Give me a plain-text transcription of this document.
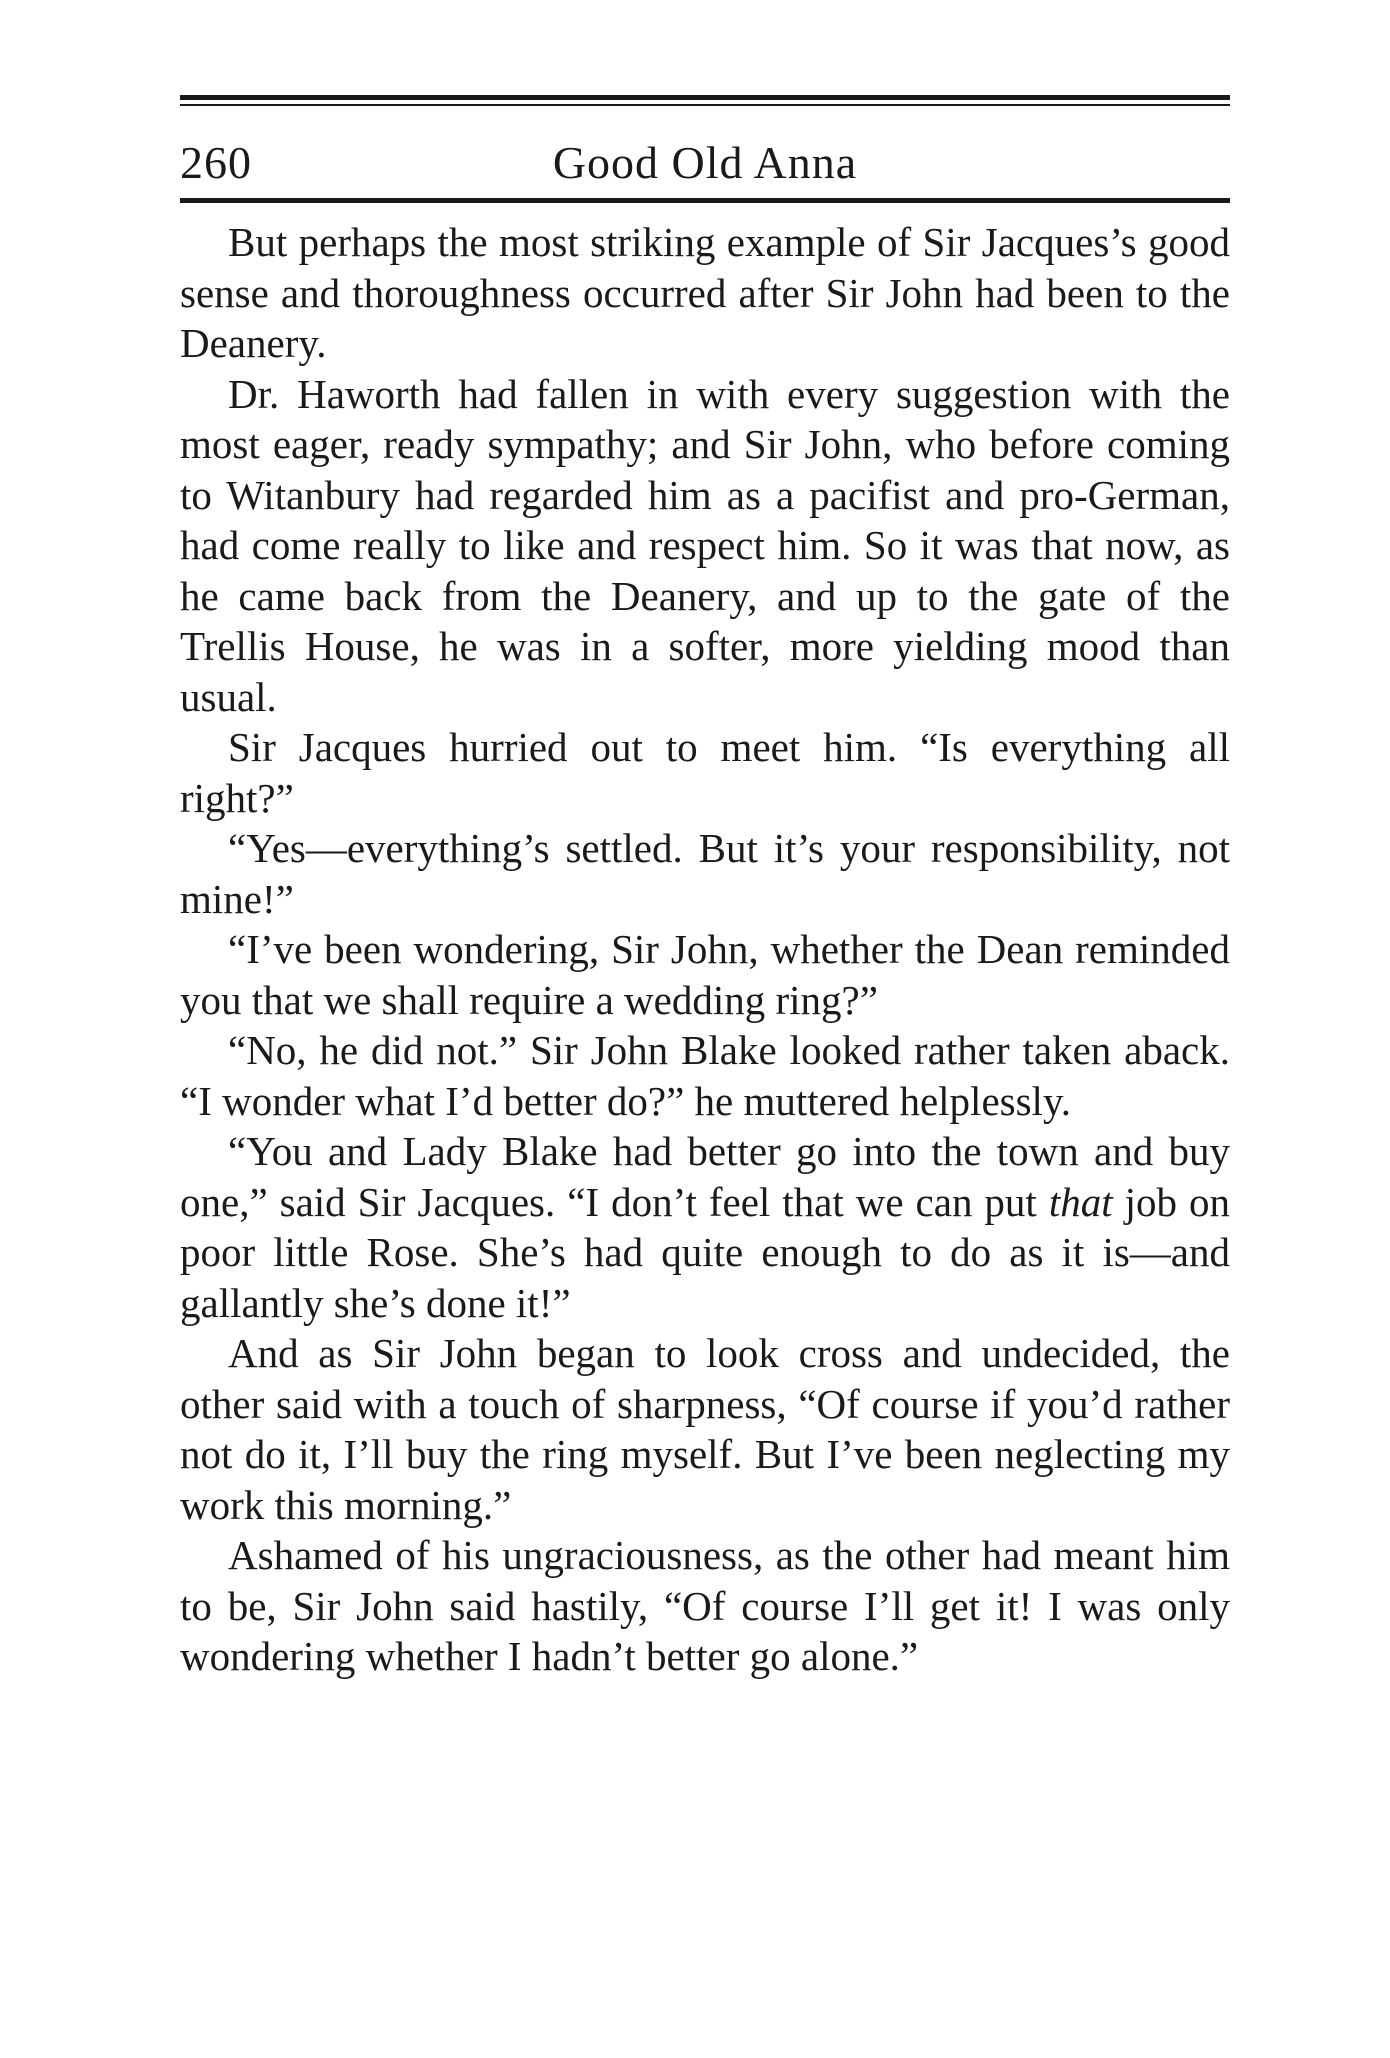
260	Good Old Anna

But perhaps the most striking example of Sir Jacques’s good sense and thoroughness occurred after Sir John had been to the Deanery.

Dr. Haworth had fallen in with every suggestion with the most eager, ready sympathy; and Sir John, who before coming to Witanbury had regarded him as a pacifist and pro-German, had come really to like and respect him. So it was that now, as he came back from the Deanery, and up to the gate of the Trellis House, he was in a softer, more yielding mood than usual.

Sir Jacques hurried out to meet him. “Is everything all right?”

“Yes—everything’s settled. But it’s your responsibility, not mine!”

“I’ve been wondering, Sir John, whether the Dean reminded you that we shall require a wedding ring?”

“No, he did not.” Sir John Blake looked rather taken aback. “I wonder what I’d better do?” he muttered helplessly.

“You and Lady Blake had better go into the town and buy one,” said Sir Jacques. “I don’t feel that we can put that job on poor little Rose. She’s had quite enough to do as it is—and gallantly she’s done it!”

And as Sir John began to look cross and undecided, the other said with a touch of sharpness, “Of course if you’d rather not do it, I’ll buy the ring myself. But I’ve been neglecting my work this morning.”

Ashamed of his ungraciousness, as the other had meant him to be, Sir John said hastily, “Of course I’ll get it! I was only wondering whether I hadn’t better go alone.”
